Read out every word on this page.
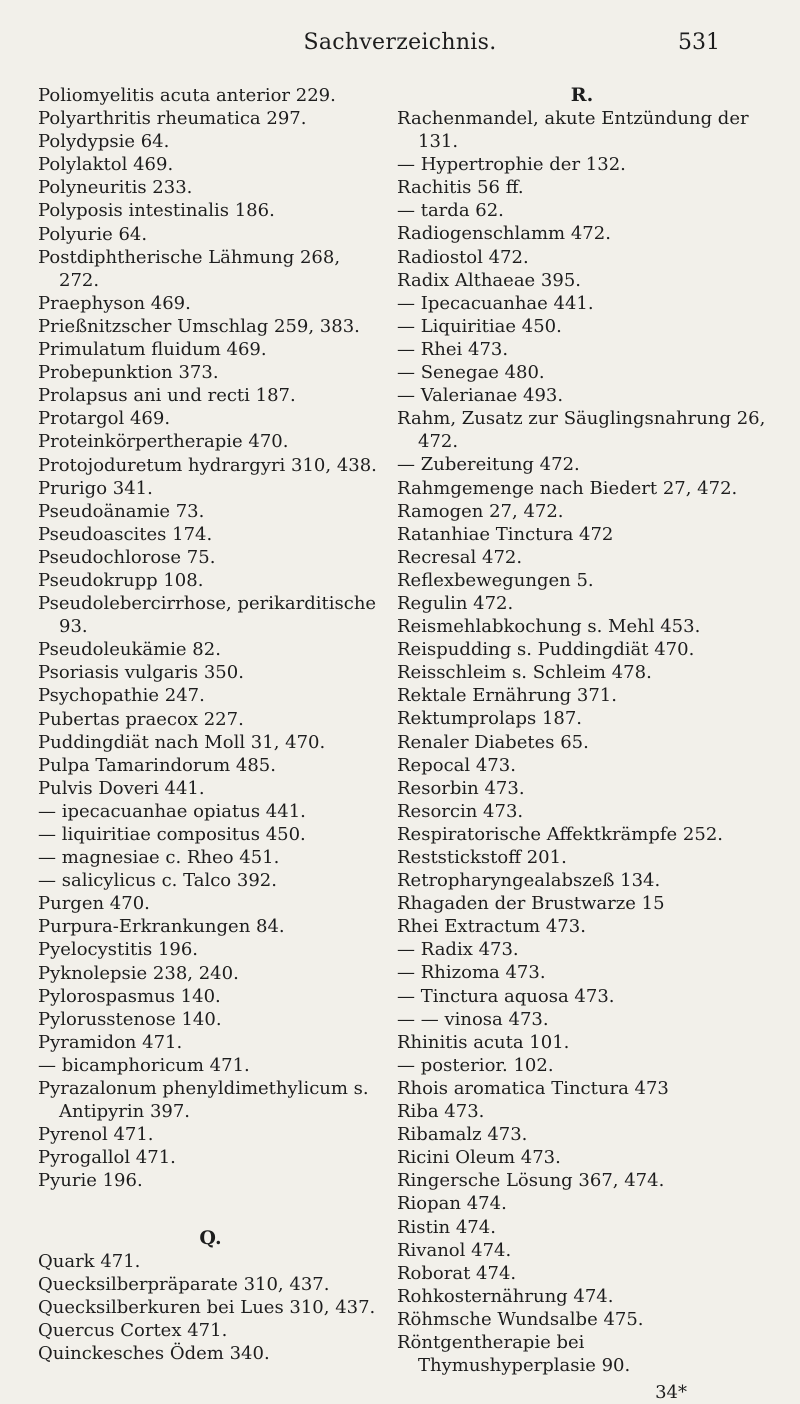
Sachverzeichnis.	531
Poliomyelitis acuta anterior 229.
Polyarthritis rheumatica 297.
Polydypsie 64.
Polylaktol 469.
Polyneuritis 233.
Polyposis intestinalis 186.
Polyurie 64.
Postdiphtherische Lähmung 268, 272.
Praephyson 469.
Prießnitzscher Umschlag 259, 383.
Primulatum fluidum 469.
Probepunktion 373.
Prolapsus ani und recti 187.
Protargol 469.
Proteinkörpertherapie 470.
Protojoduretum hydrargyri 310, 438.
Prurigo 341.
Pseudoänamie 73.
Pseudoascites 174.
Pseudochlorose 75.
Pseudokrupp 108.
Pseudolebercirrhose, perikarditische 93.
Pseudoleukämie 82.
Psoriasis vulgaris 350.
Psychopathie 247.
Pubertas praecox 227.
Puddingdiät nach Moll 31, 470.
Pulpa Tamarindorum 485.
Pulvis Doveri 441.
— ipecacuanhae opiatus 441.
— liquiritiae compositus 450.
— magnesiae c. Rheo 451.
— salicylicus c. Talco 392.
Purgen 470.
Purpura-Erkrankungen 84.
Pyelocystitis 196.
Pyknolepsie 238, 240.
Pylorospasmus 140.
Pylorusstenose 140.
Pyramidon 471.
— bicamphoricum 471.
Pyrazalonum phenyldimethylicum s. Antipyrin 397.
Pyrenol 471.
Pyrogallol 471.
Pyurie 196.
Q.
Quark 471.
Quecksilberpräparate 310, 437.
Quecksilberkuren bei Lues 310, 437.
Quercus Cortex 471.
Quinckesches Ödem 340.
R.
Rachenmandel, akute Entzündung der 131.
— Hypertrophie der 132.
Rachitis 56 ff.
— tarda 62.
Radiogenschlamm 472.
Radiostol 472.
Radix Althaeae 395.
— Ipecacuanhae 441.
— Liquiritiae 450.
— Rhei 473.
— Senegae 480.
— Valerianae 493.
Rahm, Zusatz zur Säuglingsnahrung 26, 472.
— Zubereitung 472.
Rahmgemenge nach Biedert 27, 472.
Ramogen 27, 472.
Ratanhiae Tinctura 472
Recresal 472.
Reflexbewegungen 5.
Regulin 472.
Reismehlabkochung s. Mehl 453.
Reispudding s. Puddingdiät 470.
Reisschleim s. Schleim 478.
Rektale Ernährung 371.
Rektumprolaps 187.
Renaler Diabetes 65.
Repocal 473.
Resorbin 473.
Resorcin 473.
Respiratorische Affektkrämpfe 252.
Reststickstoff 201.
Retropharyngealabszeß 134.
Rhagaden der Brustwarze 15
Rhei Extractum 473.
— Radix 473.
— Rhizoma 473.
— Tinctura aquosa 473.
— — vinosa 473.
Rhinitis acuta 101.
— posterior. 102.
Rhois aromatica Tinctura 473
Riba 473.
Ribamalz 473.
Ricini Oleum 473.
Ringersche Lösung 367, 474.
Riopan 474.
Ristin 474.
Rivanol 474.
Roborat 474.
Rohkosternährung 474.
Röhmsche Wundsalbe 475.
Röntgentherapie bei Thymushyperplasie 90.
34*
